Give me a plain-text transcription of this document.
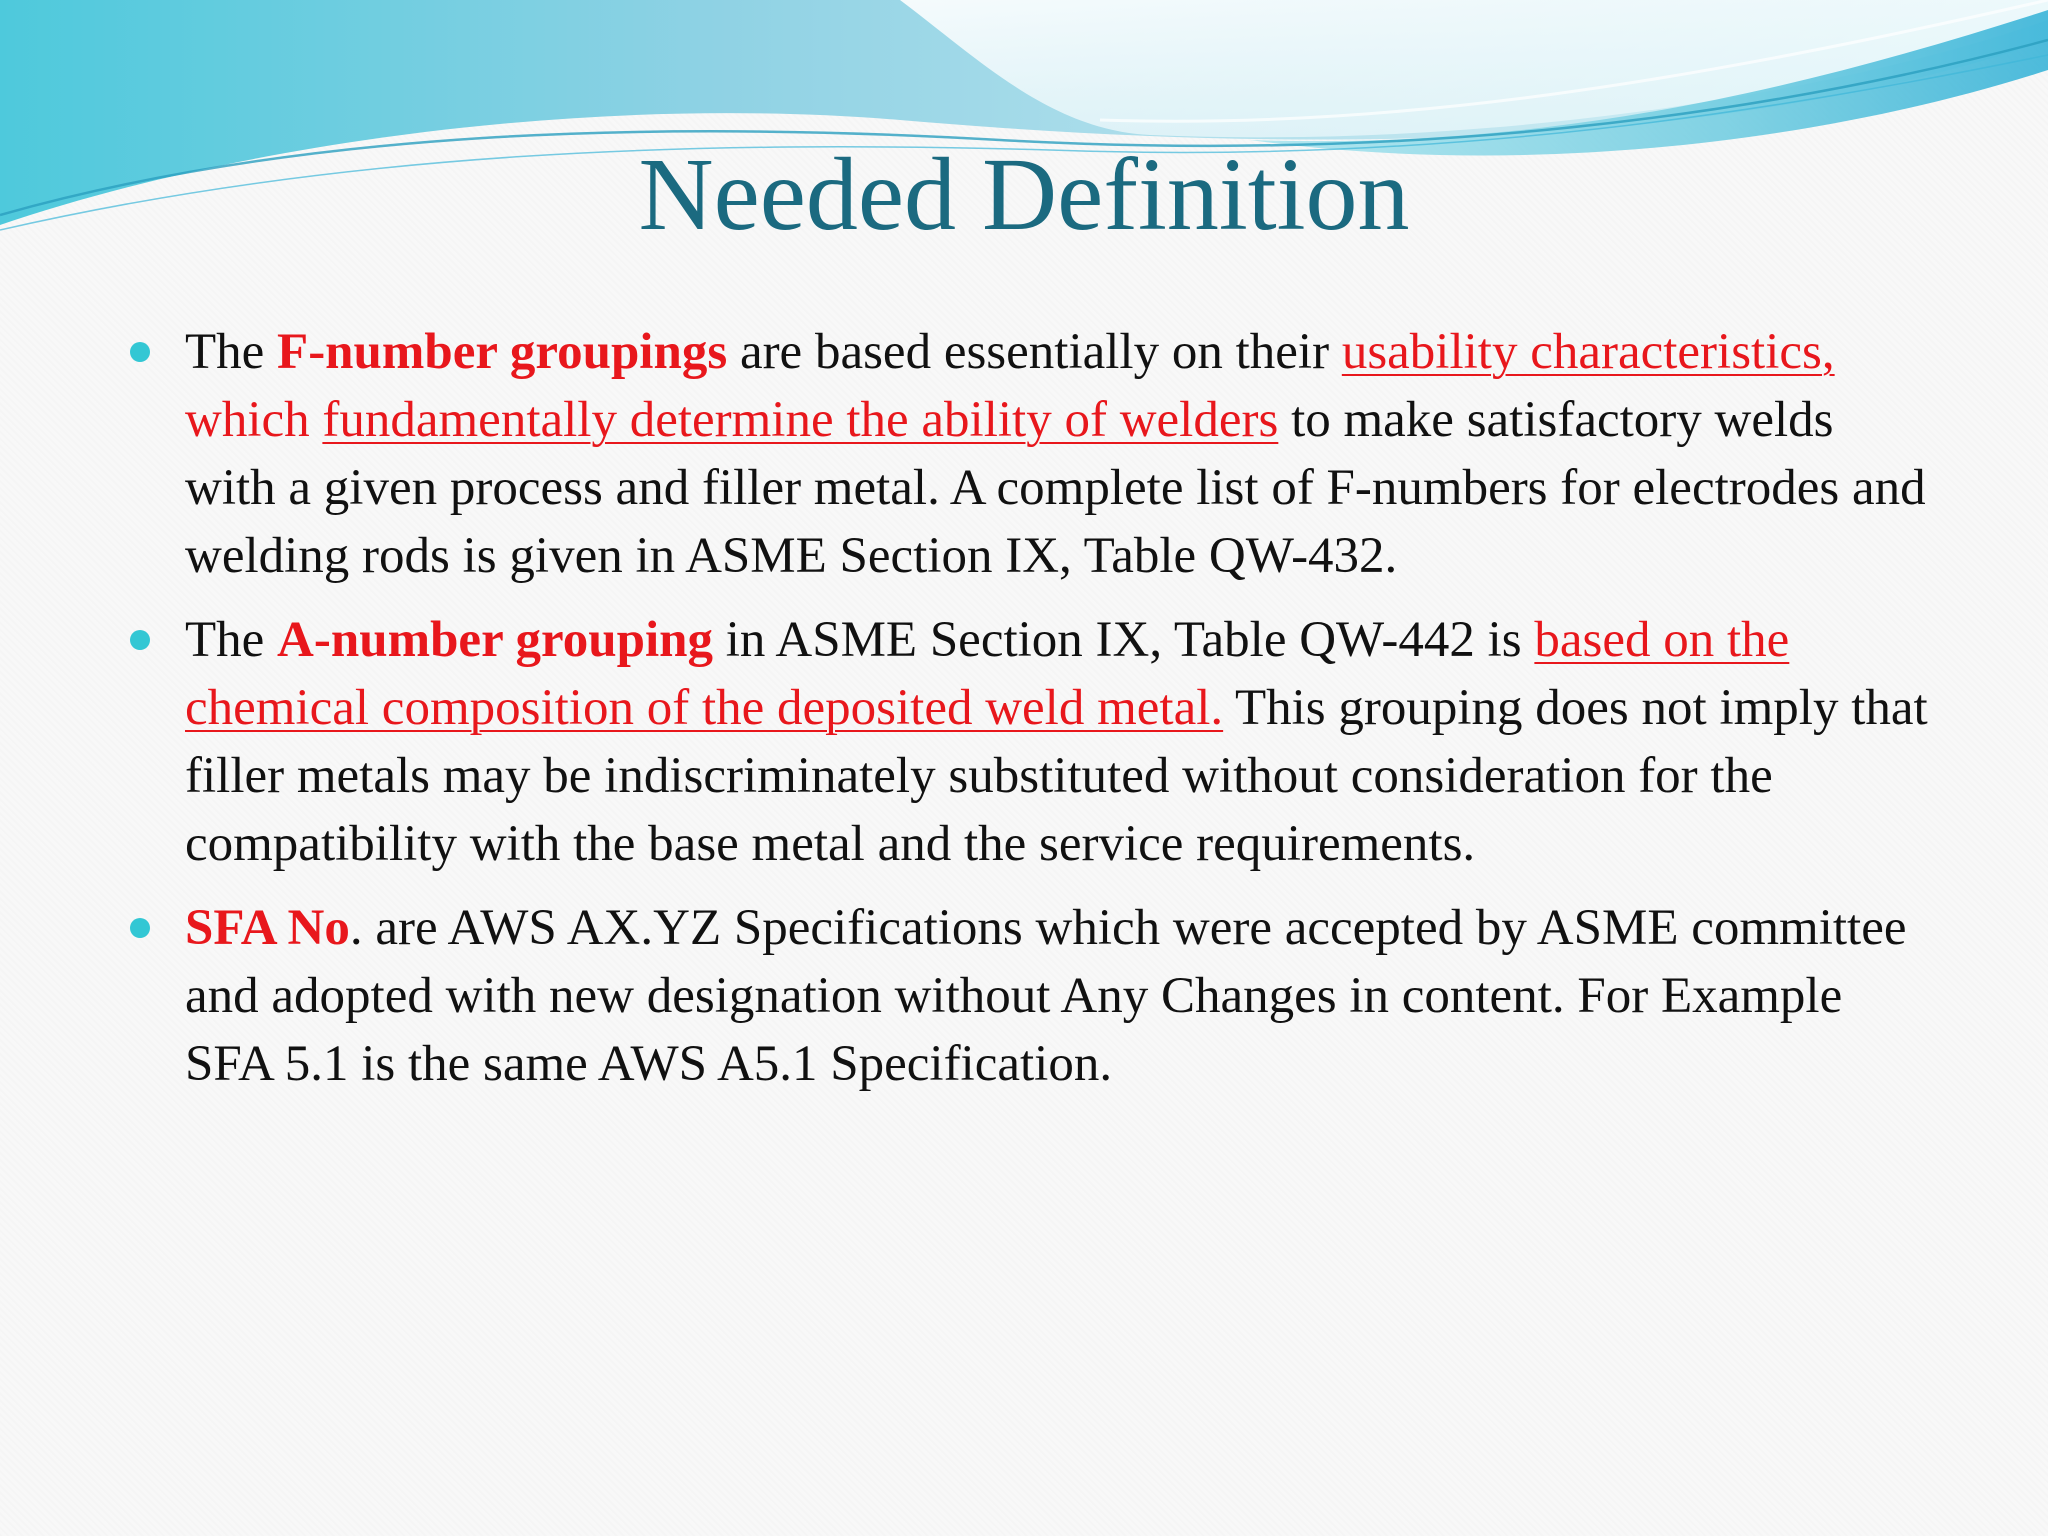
Needed Definition
The F-number groupings are based essentially on their usability characteristics, which fundamentally determine the ability of welders to make satisfactory welds with a given process and filler metal. A complete list of F-numbers for electrodes and welding rods is given in ASME Section IX, Table QW-432.
The A-number grouping in ASME Section IX, Table QW-442 is based on the chemical composition of the deposited weld metal. This grouping does not imply that filler metals may be indiscriminately substituted without consideration for the compatibility with the base metal and the service requirements.
SFA No. are AWS AX.YZ Specifications which were accepted by ASME committee and adopted with new designation without Any Changes in content. For Example SFA 5.1 is the same AWS A5.1 Specification.
